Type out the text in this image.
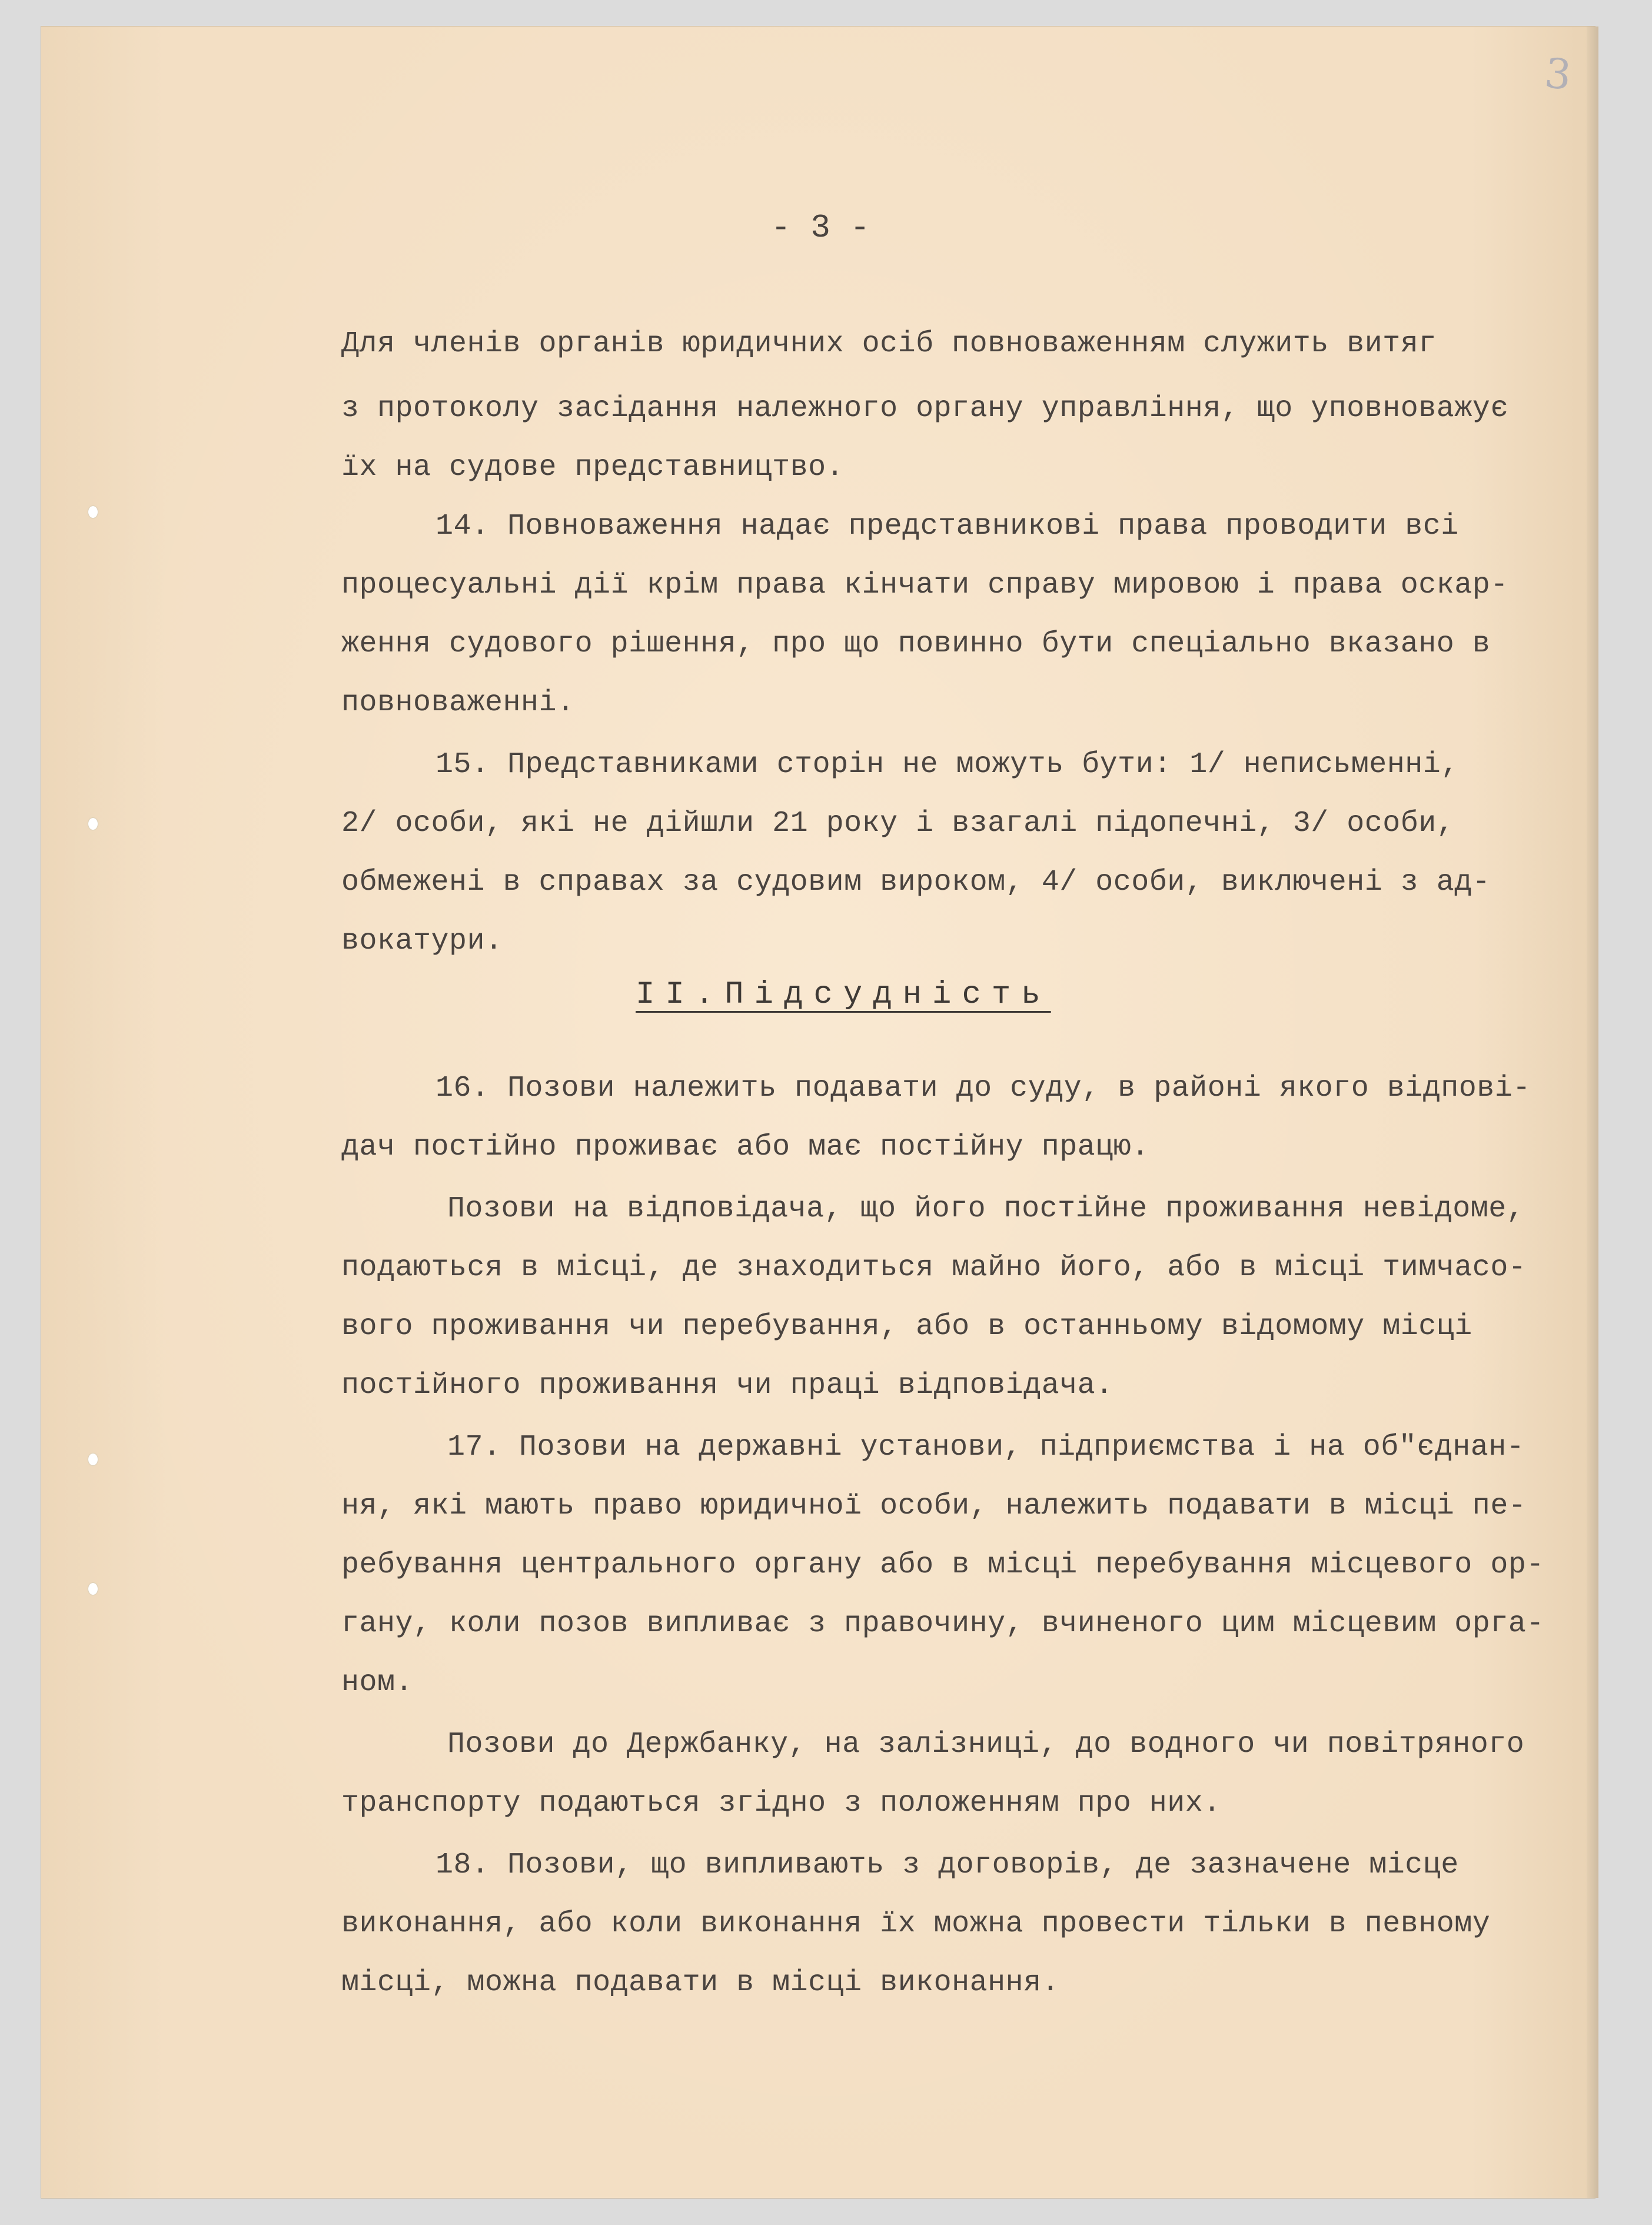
3
- 3 -
Для членів органів юридичних осіб повноваженням служить витяг
з протоколу засідання належного органу управління, що уповноважує
їх на судове представництво.
14. Повноваження надає представникові права проводити всі
процесуальні дії крім права кінчати справу мировою і права оскар-
ження судового рішення, про що повинно бути спеціально вказано в
повноваженні.
15. Представниками сторін не можуть бути: 1/ неписьменні,
2/ особи, які не дійшли 21 року і взагалі підопечні, 3/ особи,
обмежені в справах за судовим вироком, 4/ особи, виключені з ад-
вокатури.
16. Позови належить подавати до суду, в районі якого відпові-
дач постійно проживає або має постійну працю.
Позови на відповідача, що його постійне проживання невідоме,
подаються в місці, де знаходиться майно його, або в місці тимчасо-
вого проживання чи перебування, або в останньому відомому місці
постійного проживання чи праці відповідача.
17. Позови на державні установи, підприємства і на об"єднан-
ня, які мають право юридичної особи, належить подавати в місці пе-
ребування центрального органу або в місці перебування місцевого ор-
гану, коли позов випливає з правочину, вчиненого цим місцевим орга-
ном.
Позови до Держбанку, на залізниці, до водного чи повітряного
транспорту подаються згідно з положенням про них.
18. Позови, що випливають з договорів, де зазначене місце
виконання, або коли виконання їх можна провести тільки в певному
місці, можна подавати в місці виконання.
II.Підсудність
